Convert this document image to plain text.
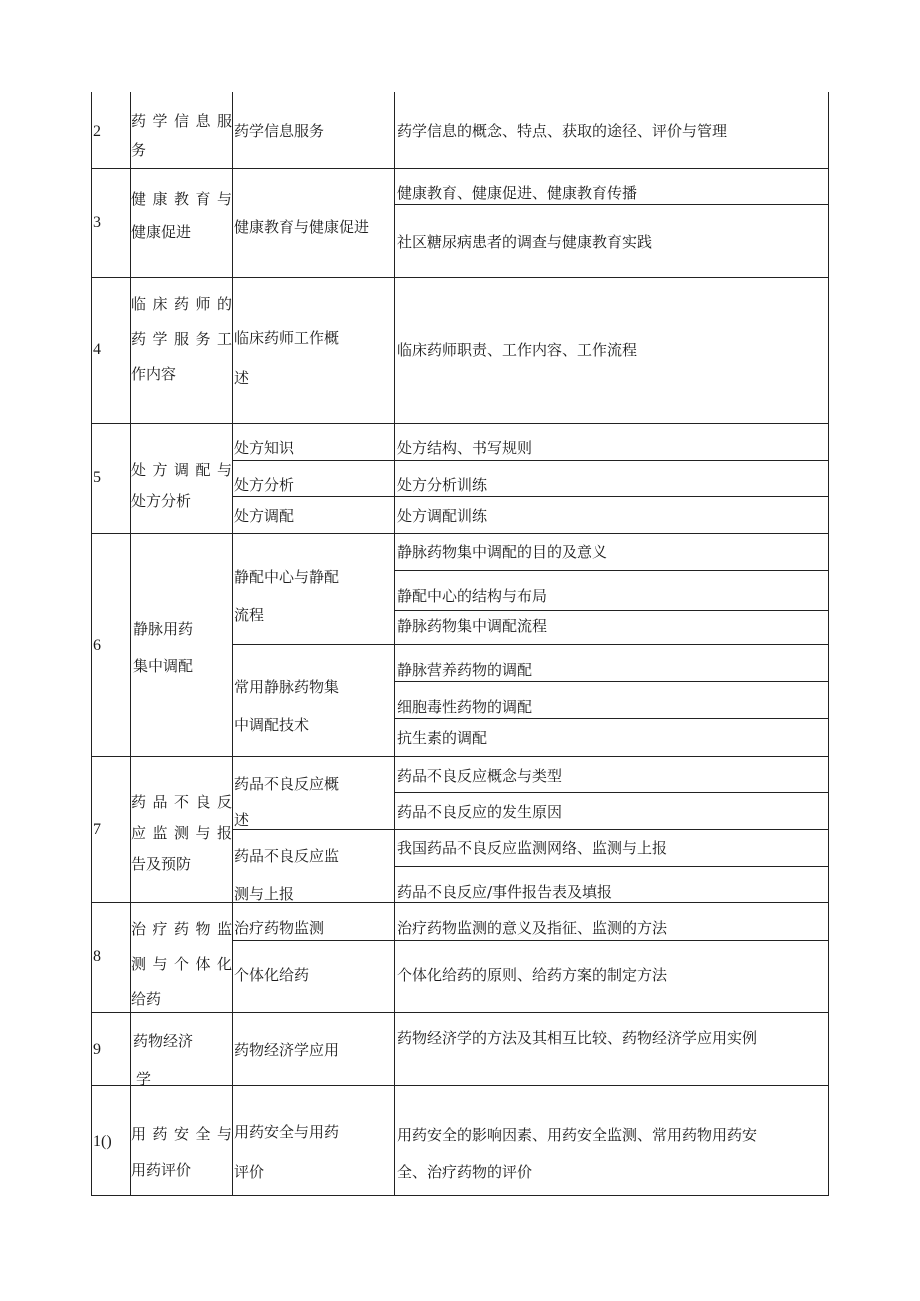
2
药学信息服
务
药学信息服务	药学信息的概念、特点、获取的途径、评价与管理
3
健康教育与
健康促进	健康教育与健康促进
健康教育、健康促进、健康教育传播
社区糖尿病患者的调查与健康教育实践
4
临床药师的
药学服务工
作内容
临床药师工作概
述
临床药师职责、工作内容、工作流程
5 处方调配与
处方分析
处方知识
处方分析
处方调配
处方结构、书写规则
处方分析训练
处方调配训练
6
静脉用药
集中调配
静配中心与静配
流程
常用静脉药物集
中调配技术
静脉药物集中调配的目的及意义
静配中心的结构与布局
静脉药物集中调配流程
静脉营养药物的调配
细胞毒性药物的调配
抗生素的调配
7
药品不良反
应监测与报
告及预防
药品不良反应概
述
药品不良反应监
测与上报
药品不良反应概念与类型
药品不良反应的发生原因
我国药品不良反应监测网络、监测与上报
药品不良反应/事件报告表及填报
8
治疗药物监
测与个体化
给药
治疗药物监测
个体化给药
治疗药物监测的意义及指征、监测的方法
个体化给药的原则、给药方案的制定方法
9 药物经济
学
药物经济学应用
药物经济学的方法及其相互比较、药物经济学应用实例
1() 用药安全与
用药评价
用药安全与用药
评价
用药安全的影响因素、用药安全监测、常用药物用药安
全、治疗药物的评价
